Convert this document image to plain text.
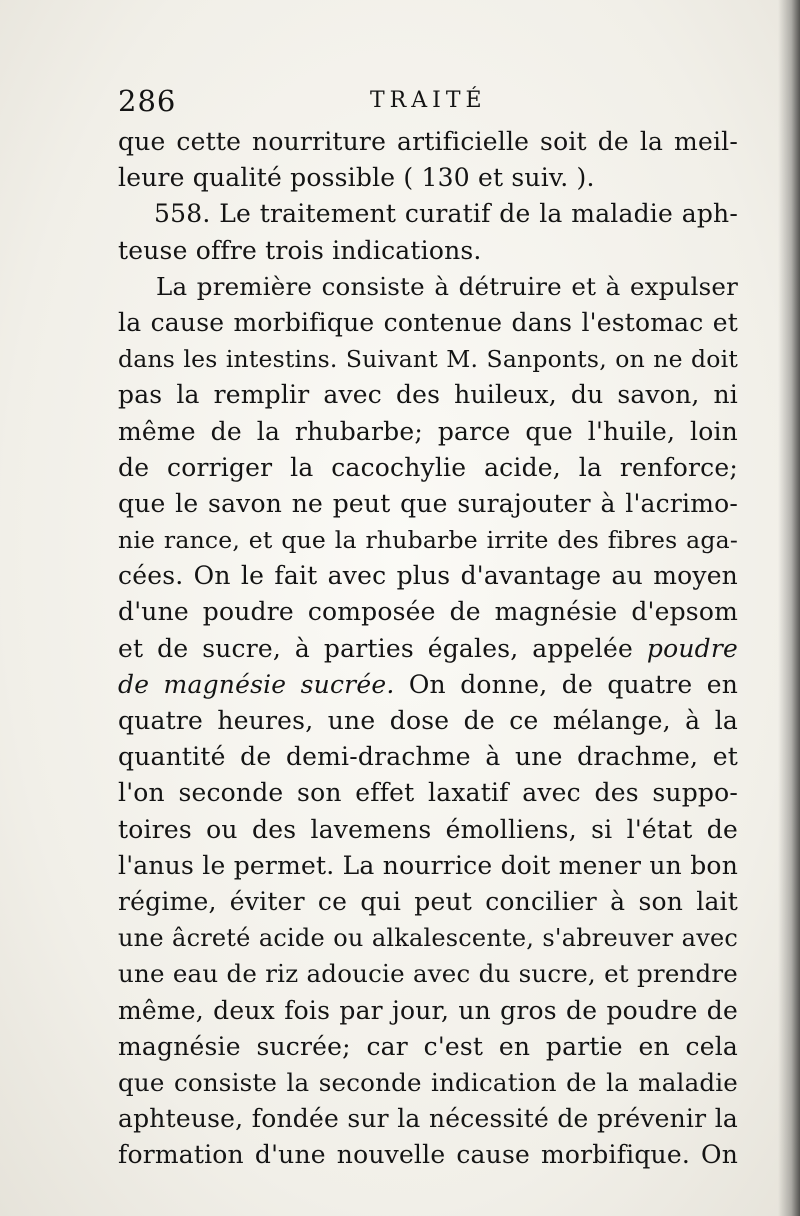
286	TRAITÉ
que cette nourriture artificielle soit de la meil-
leure qualité possible ( 130 et suiv. ).
558. Le traitement curatif de la maladie aph-
teuse offre trois indications.
La première consiste à détruire et à expulser
la cause morbifique contenue dans l'estomac et
dans les intestins. Suivant M. Sanponts, on ne doit
pas la remplir avec des huileux, du savon, ni
même de la rhubarbe; parce que l'huile, loin
de corriger la cacochylie acide, la renforce;
que le savon ne peut que surajouter à l'acrimo-
nie rance, et que la rhubarbe irrite des fibres aga-
cées. On le fait avec plus d'avantage au moyen
d'une poudre composée de magnésie d'epsom
et de sucre, à parties égales, appelée poudre
de magnésie sucrée. On donne, de quatre en
quatre heures, une dose de ce mélange, à la
quantité de demi-drachme à une drachme, et
l'on seconde son effet laxatif avec des suppo-
toires ou des lavemens émolliens, si l'état de
l'anus le permet. La nourrice doit mener un bon
régime, éviter ce qui peut concilier à son lait
une âcreté acide ou alkalescente, s'abreuver avec
une eau de riz adoucie avec du sucre, et prendre
même, deux fois par jour, un gros de poudre de
magnésie sucrée; car c'est en partie en cela
que consiste la seconde indication de la maladie
aphteuse, fondée sur la nécessité de prévenir la
formation d'une nouvelle cause morbifique. On
